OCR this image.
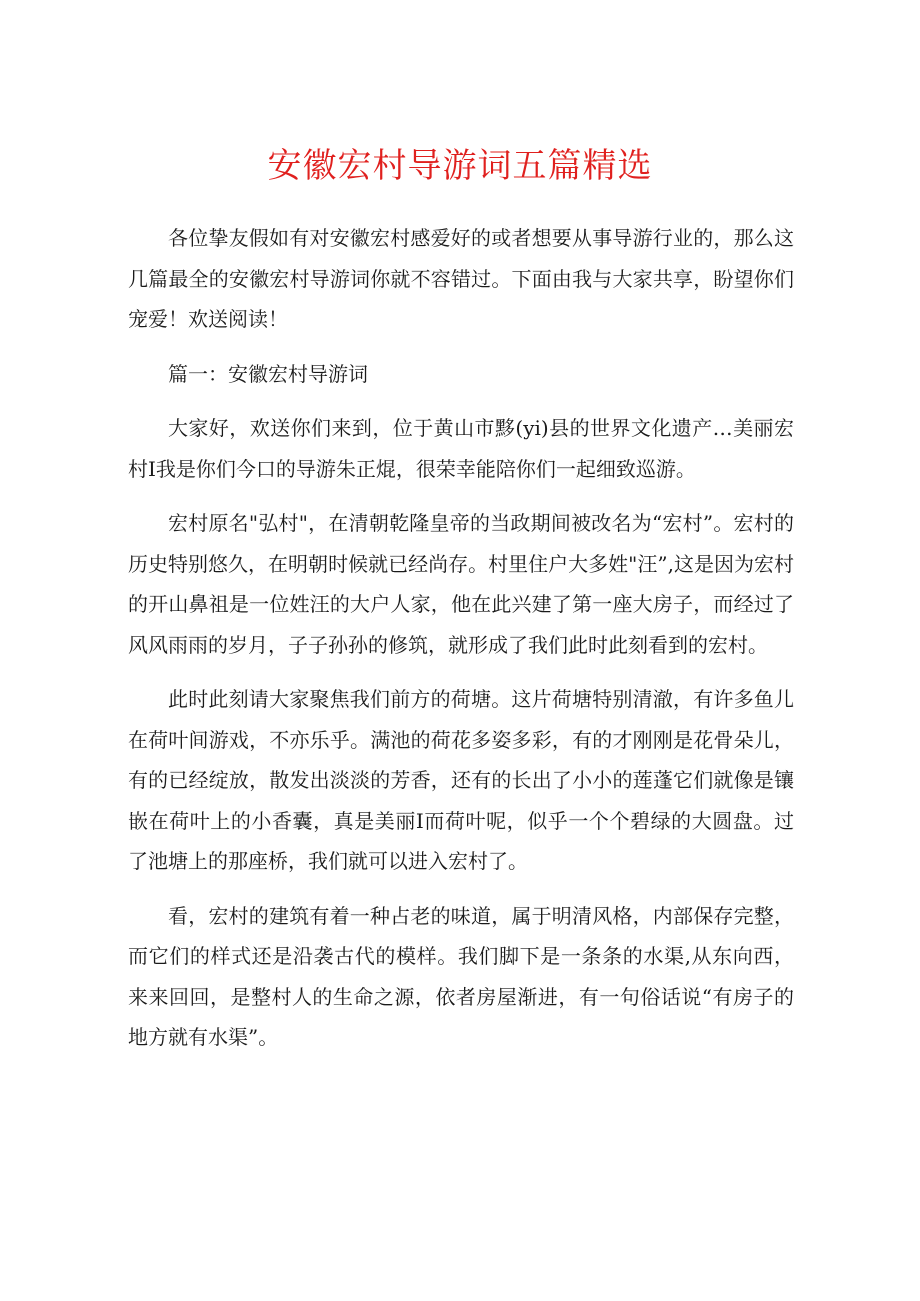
安徽宏村导游词五篇精选

各位挚友假如有对安徽宏村感爱好的或者想要从事导游行业的，那么这几篇最全的安徽宏村导游词你就不容错过。下面由我与大家共享，盼望你们宠爱！欢送阅读！

篇一：安徽宏村导游词

大家好，欢送你们来到，位于黄山市黟(yi)县的世界文化遗产…美丽宏村I我是你们今口的导游朱正焜，很荣幸能陪你们一起细致巡游。

宏村原名"弘村"，在清朝乾隆皇帝的当政期间被改名为“宏村”。宏村的历史特别悠久，在明朝时候就已经尚存。村里住户大多姓"汪”,这是因为宏村的开山鼻祖是一位姓汪的大户人家，他在此兴建了第一座大房子，而经过了风风雨雨的岁月，子子孙孙的修筑，就形成了我们此时此刻看到的宏村。

此时此刻请大家聚焦我们前方的荷塘。这片荷塘特别清澈，有许多鱼儿在荷叶间游戏，不亦乐乎。满池的荷花多姿多彩，有的才刚刚是花骨朵儿，有的已经绽放，散发出淡淡的芳香，还有的长出了小小的莲蓬它们就像是镶嵌在荷叶上的小香囊，真是美丽I而荷叶呢，似乎一个个碧绿的大圆盘。过了池塘上的那座桥，我们就可以进入宏村了。

看，宏村的建筑有着一种占老的味道，属于明清风格，内部保存完整，而它们的样式还是沿袭古代的模样。我们脚下是一条条的水渠,从东向西，来来回回，是整村人的生命之源，依者房屋渐进，有一句俗话说“有房子的地方就有水渠”。
